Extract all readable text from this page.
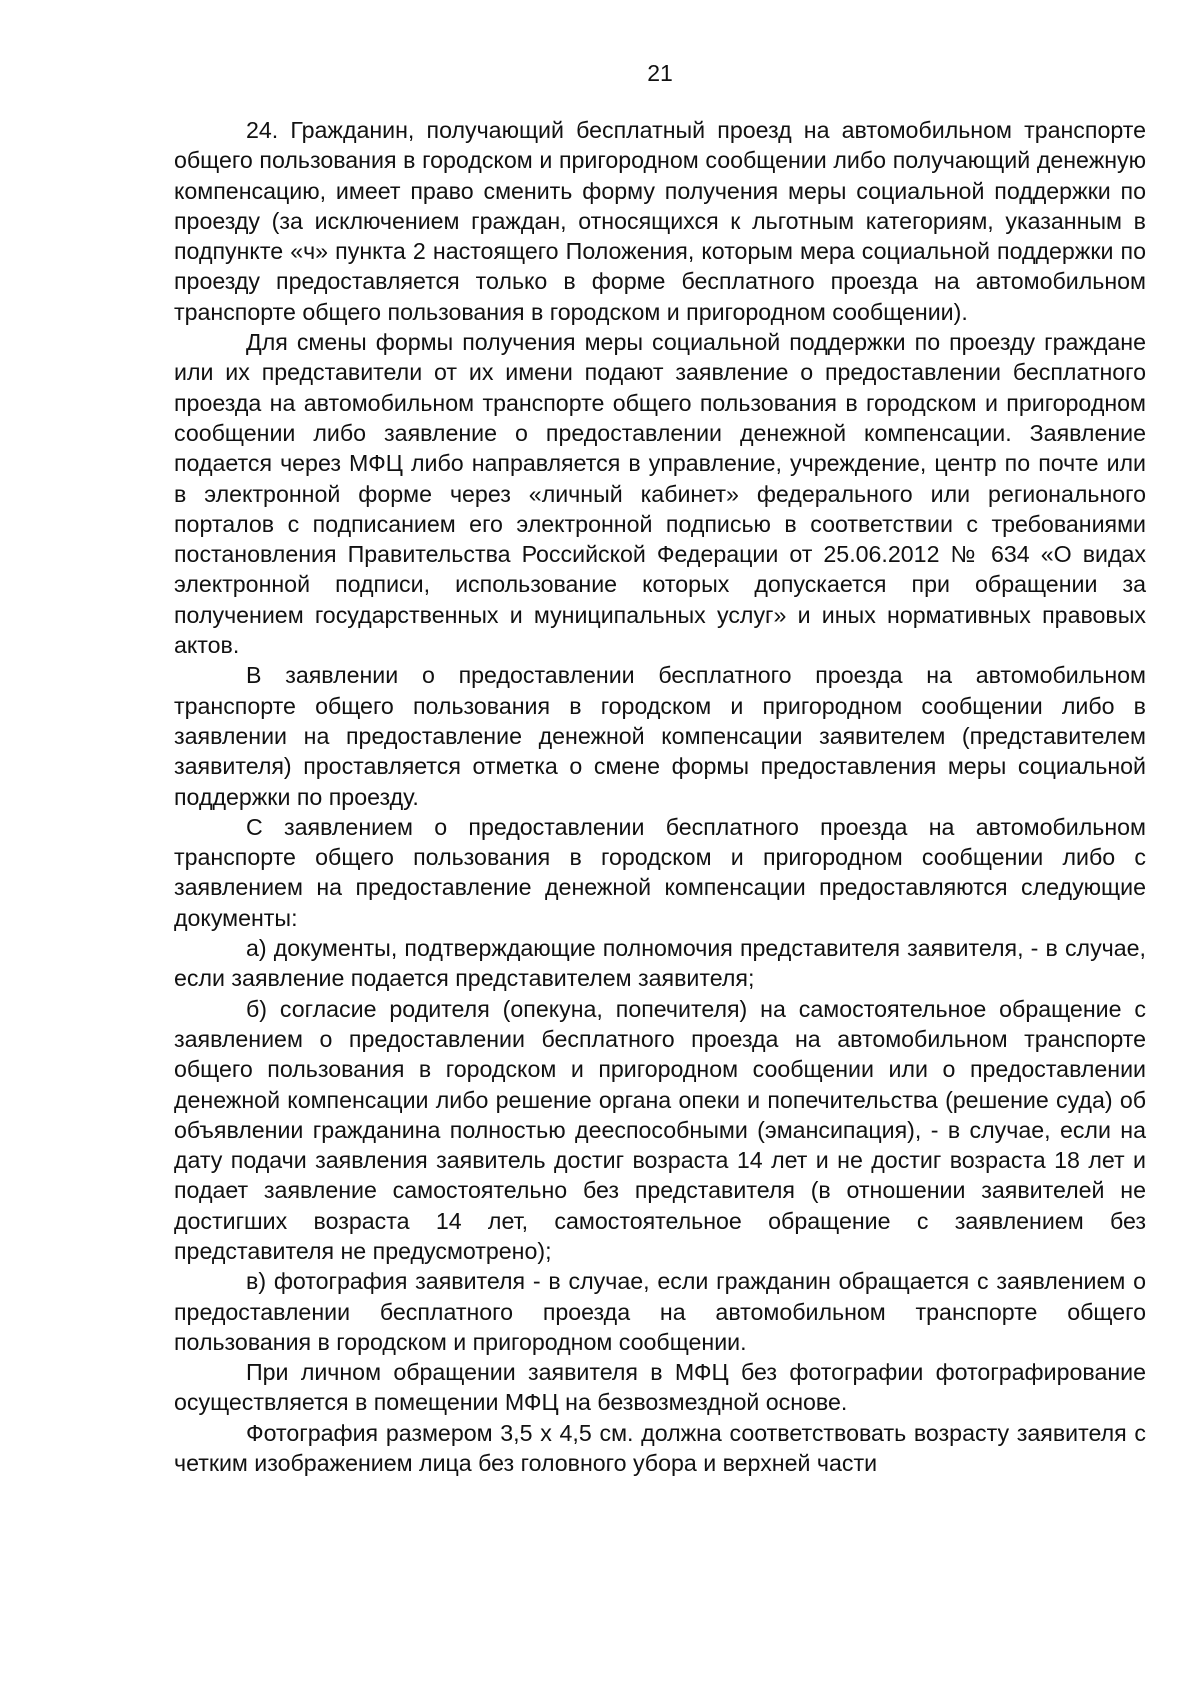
21

24. Гражданин, получающий бесплатный проезд на автомобильном транспорте общего пользования в городском и пригородном сообщении либо получающий денежную компенсацию, имеет право сменить форму получения меры социальной поддержки по проезду (за исключением граждан, относящихся к льготным категориям, указанным в подпункте «ч» пункта 2 настоящего Положения, которым мера социальной поддержки по проезду предоставляется только в форме бесплатного проезда на автомобильном транспорте общего пользования в городском и пригородном сообщении).

Для смены формы получения меры социальной поддержки по проезду граждане или их представители от их имени подают заявление о предоставлении бесплатного проезда на автомобильном транспорте общего пользования в городском и пригородном сообщении либо заявление о предоставлении денежной компенсации. Заявление подается через МФЦ либо направляется в управление, учреждение, центр по почте или в электронной форме через «личный кабинет» федерального или регионального порталов с подписанием его электронной подписью в соответствии с требованиями постановления Правительства Российской Федерации от 25.06.2012 № 634 «О видах электронной подписи, использование которых допускается при обращении за получением государственных и муниципальных услуг» и иных нормативных правовых актов.

В заявлении о предоставлении бесплатного проезда на автомобильном транспорте общего пользования в городском и пригородном сообщении либо в заявлении на предоставление денежной компенсации заявителем (представителем заявителя) проставляется отметка о смене формы предоставления меры социальной поддержки по проезду.

С заявлением о предоставлении бесплатного проезда на автомобильном транспорте общего пользования в городском и пригородном сообщении либо с заявлением на предоставление денежной компенсации предоставляются следующие документы:

а) документы, подтверждающие полномочия представителя заявителя, - в случае, если заявление подается представителем заявителя;

б) согласие родителя (опекуна, попечителя) на самостоятельное обращение с заявлением о предоставлении бесплатного проезда на автомобильном транспорте общего пользования в городском и пригородном сообщении или о предоставлении денежной компенсации либо решение органа опеки и попечительства (решение суда) об объявлении гражданина полностью дееспособными (эмансипация), - в случае, если на дату подачи заявления заявитель достиг возраста 14 лет и не достиг возраста 18 лет и подает заявление самостоятельно без представителя (в отношении заявителей не достигших возраста 14 лет, самостоятельное обращение с заявлением без представителя не предусмотрено);

в) фотография заявителя - в случае, если гражданин обращается с заявлением о предоставлении бесплатного проезда на автомобильном транспорте общего пользования в городском и пригородном сообщении.

При личном обращении заявителя в МФЦ без фотографии фотографирование осуществляется в помещении МФЦ на безвозмездной основе.

Фотография размером 3,5 х 4,5 см. должна соответствовать возрасту заявителя с четким изображением лица без головного убора и верхней части
